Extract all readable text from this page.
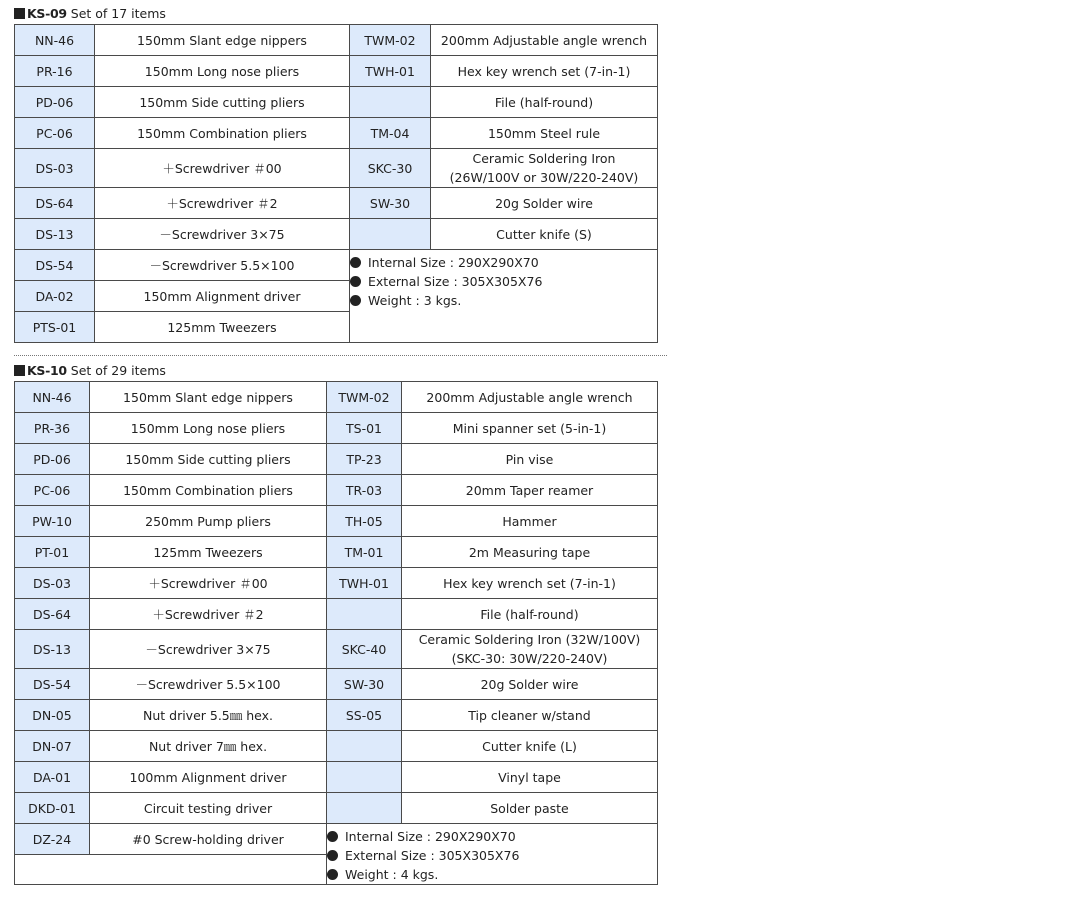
KS-09 Set of 17 items
NN-46	150mm Slant edge nippers	TWM-02	200mm Adjustable angle wrench
PR-16	150mm Long nose pliers	TWH-01	Hex key wrench set (7-in-1)
PD-06	150mm Side cutting pliers		File (half-round)
PC-06	150mm Combination pliers	TM-04	150mm Steel rule
DS-03	＋Screwdriver ＃00	SKC-30	Ceramic Soldering Iron
(26W/100V or 30W/220-240V)

DS-64	＋Screwdriver ＃2	SW-30	20g Solder wire
DS-13	－Screwdriver 3×75		Cutter knife (S)
DS-54	－Screwdriver 5.5×100	Internal Size : 290X290X70
External Size : 305X305X76
Weight : 3 kgs.	

DA-02	150mm Alignment driver		
PTS-01	125mm Tweezers		
KS-10 Set of 29 items
NN-46	150mm Slant edge nippers	TWM-02	200mm Adjustable angle wrench
PR-36	150mm Long nose pliers	TS-01	Mini spanner set (5-in-1)
PD-06	150mm Side cutting pliers	TP-23	Pin vise
PC-06	150mm Combination pliers	TR-03	20mm Taper reamer
PW-10	250mm Pump pliers	TH-05	Hammer
PT-01	125mm Tweezers	TM-01	2m Measuring tape
DS-03	＋Screwdriver ＃00	TWH-01	Hex key wrench set (7-in-1)
DS-64	＋Screwdriver ＃2		File (half-round)
DS-13	－Screwdriver 3×75	SKC-40	Ceramic Soldering Iron (32W/100V)
(SKC-30: 30W/220-240V)

DS-54	－Screwdriver 5.5×100	SW-30	20g Solder wire
DN-05	Nut driver 5.5㎜ hex.	SS-05	Tip cleaner w/stand
DN-07	Nut driver 7㎜ hex.		Cutter knife (L)
DA-01	100mm Alignment driver		Vinyl tape
DKD-01	Circuit testing driver		Solder paste
DZ-24	#0 Screw-holding driver	Internal Size : 290X290X70
External Size : 305X305X76
Weight : 4 kgs.	
